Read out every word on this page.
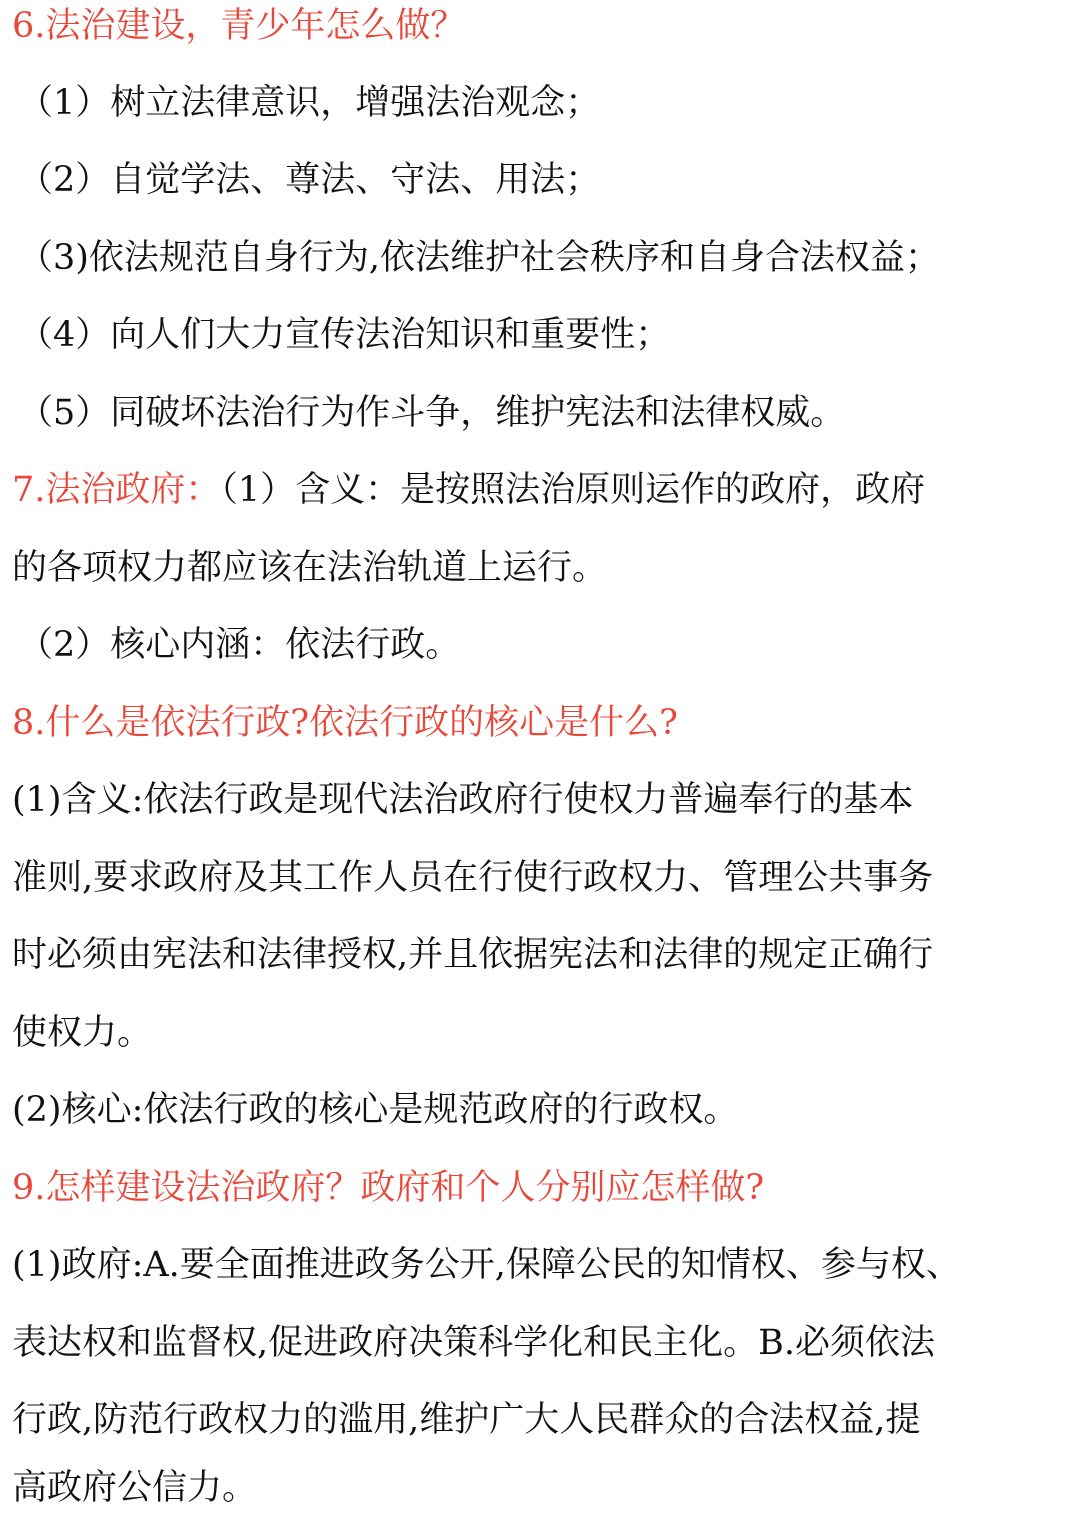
6.法治建设，青少年怎么做？
（1）树立法律意识，增强法治观念；
（2）自觉学法、尊法、守法、用法；
（3)依法规范自身行为,依法维护社会秩序和自身合法权益；
（4）向人们大力宣传法治知识和重要性；
（5）同破坏法治行为作斗争，维护宪法和法律权威。
7.法治政府：（1）含义：是按照法治原则运作的政府，政府
的各项权力都应该在法治轨道上运行。
（2）核心内涵：依法行政。
8.什么是依法行政?依法行政的核心是什么?
(1)含义:依法行政是现代法治政府行使权力普遍奉行的基本
准则,要求政府及其工作人员在行使行政权力、管理公共事务
时必须由宪法和法律授权,并且依据宪法和法律的规定正确行
使权力。
(2)核心:依法行政的核心是规范政府的行政权。
9.怎样建设法治政府？政府和个人分别应怎样做?
(1)政府:A.要全面推进政务公开,保障公民的知情权、参与权、
表达权和监督权,促进政府决策科学化和民主化。B.必须依法
行政,防范行政权力的滥用,维护广大人民群众的合法权益,提
高政府公信力。
